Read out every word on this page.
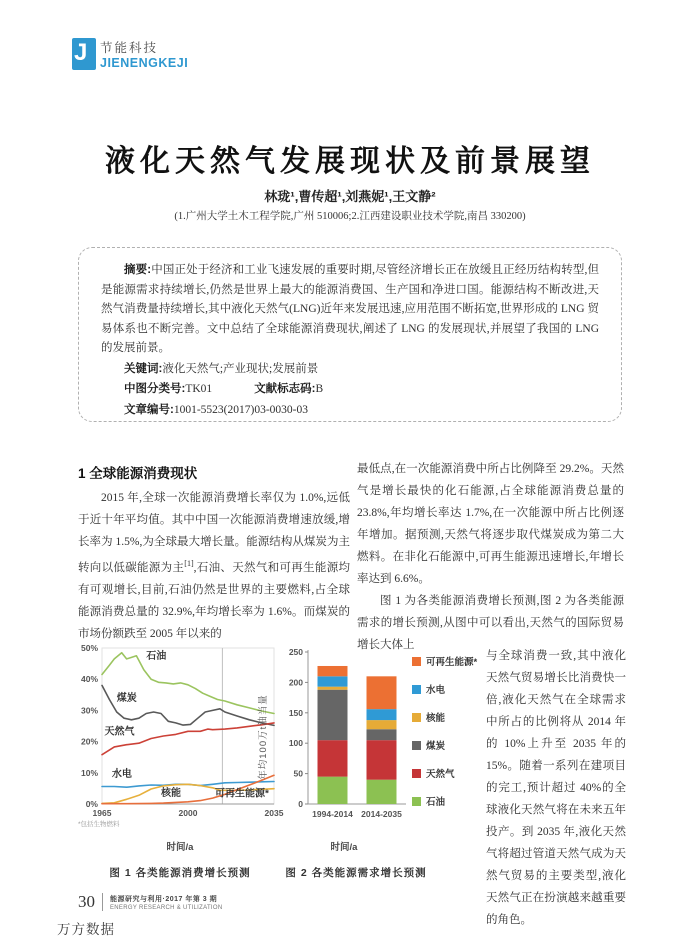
J	节能科技
JIENENGKEJI
液化天然气发展现状及前景展望
林珑¹,曹传超¹,刘燕妮¹,王文静²
(1.广州大学土木工程学院,广州 510006;2.江西建设职业技术学院,南昌 330200)
摘要:中国正处于经济和工业飞速发展的重要时期,尽管经济增长正在放缓且正经历结构转型,但是能源需求持续增长,仍然是世界上最大的能源消费国、生产国和净进口国。能源结构不断改进,天然气消费量持续增长,其中液化天然气(LNG)近年来发展迅速,应用范围不断拓宽,世界形成的 LNG 贸易体系也不断完善。文中总结了全球能源消费现状,阐述了 LNG 的发展现状,并展望了我国的 LNG 的发展前景。
关键词:液化天然气;产业现状;发展前景
中图分类号:TK01	文献标志码:B
文章编号:1001-5523(2017)03-0030-03
1 全球能源消费现状

2015 年,全球一次能源消费增长率仅为 1.0%,远低于近十年平均值。其中中国一次能源消费增速放缓,增长率为 1.5%,为全球最大增长量。能源结构从煤炭为主转向以低碳能源为主[1],石油、天然气和可再生能源均有可观增长,目前,石油仍然是世界的主要燃料,占全球能源消费总量的 32.9%,年均增长率为 1.6%。而煤炭的市场份额跌至 2005 年以来的

最低点,在一次能源消费中所占比例降至 29.2%。天然气是增长最快的化石能源,占全球能源消费总量的 23.8%,年均增长率达 1.7%,在一次能源中所占比例逐年增加。据预测,天然气将逐步取代煤炭成为第二大燃料。在非化石能源中,可再生能源迅速增长,年增长率达到 6.6%。

图 1 为各类能源消费增长预测,图 2 为各类能源需求的增长预测,从图中可以看出,天然气的国际贸易增长大体上

与全球消费一致,其中液化天然气贸易增长比消费快一倍,液化天然气在全球需求中所占的比例将从 2014 年的 10%上升至 2035 年的 15%。随着一系列在建项目的完工,预计超过 40%的全球液化天然气将在未来五年投产。到 2035 年,液化天然气将超过管道天然气成为天然气贸易的主要类型,液化天然气正在扮演越来越重要的角色。

0%
10%
20%
30%
40%
50%
1965	2000	2035
石油
煤炭
天然气
水电
核能	可再生能源*
*包括生物燃料
时间/a
图 1 各类能源消费增长预测
年均100万t油当量
0
50
100
150
200
250
1994-2014 2014-2035
可再生能源*
水电
核能
煤炭
天然气
石油
时间/a
图 2 各类能源需求增长预测
30 能源研究与利用·2017 年第 3 期
ENERGY RESEARCH & UTILIZATION
万方数据
